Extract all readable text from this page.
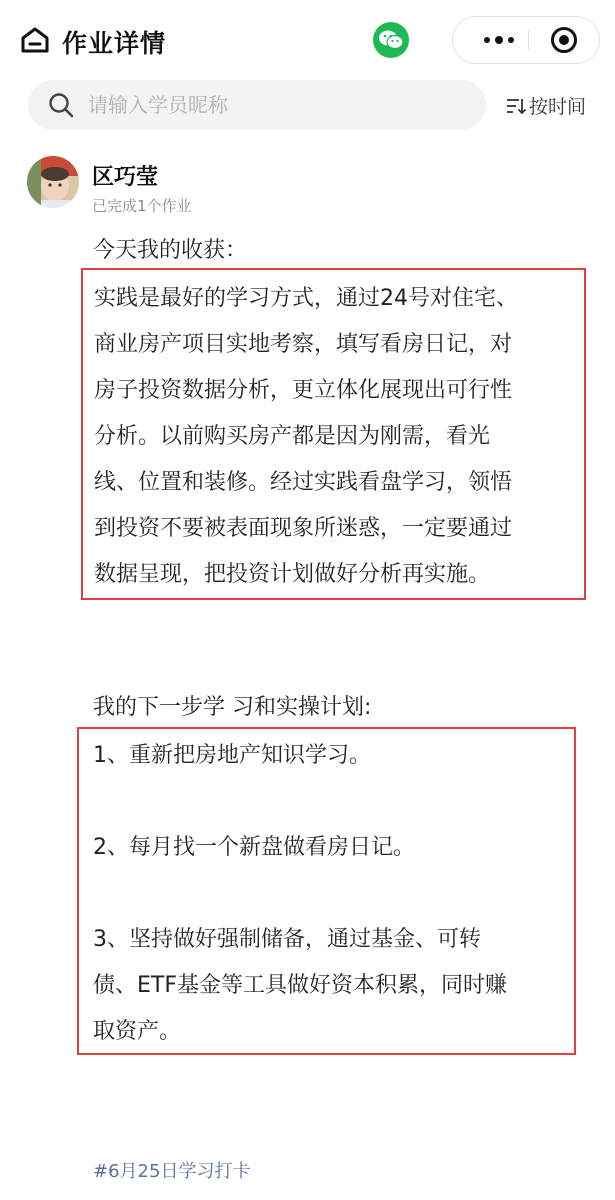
作业详情
请输入学员昵称
按时间
区巧莹
已完成1个作业
今天我的收获：

实践是最好的学习方式，通过24号对住宅、

商业房产项目实地考察，填写看房日记，对

房子投资数据分析，更立体化展现出可行性

分析。以前购买房产都是因为刚需，看光

线、位置和装修。经过实践看盘学习，领悟

到投资不要被表面现象所迷惑，一定要通过

数据呈现，把投资计划做好分析再实施。

我的下一步学 习和实操计划:

1、重新把房地产知识学习。

2、每月找一个新盘做看房日记。

3、坚持做好强制储备，通过基金、可转

债、ETF基金等工具做好资本积累，同时赚

取资产。

#6月25日学习打卡
